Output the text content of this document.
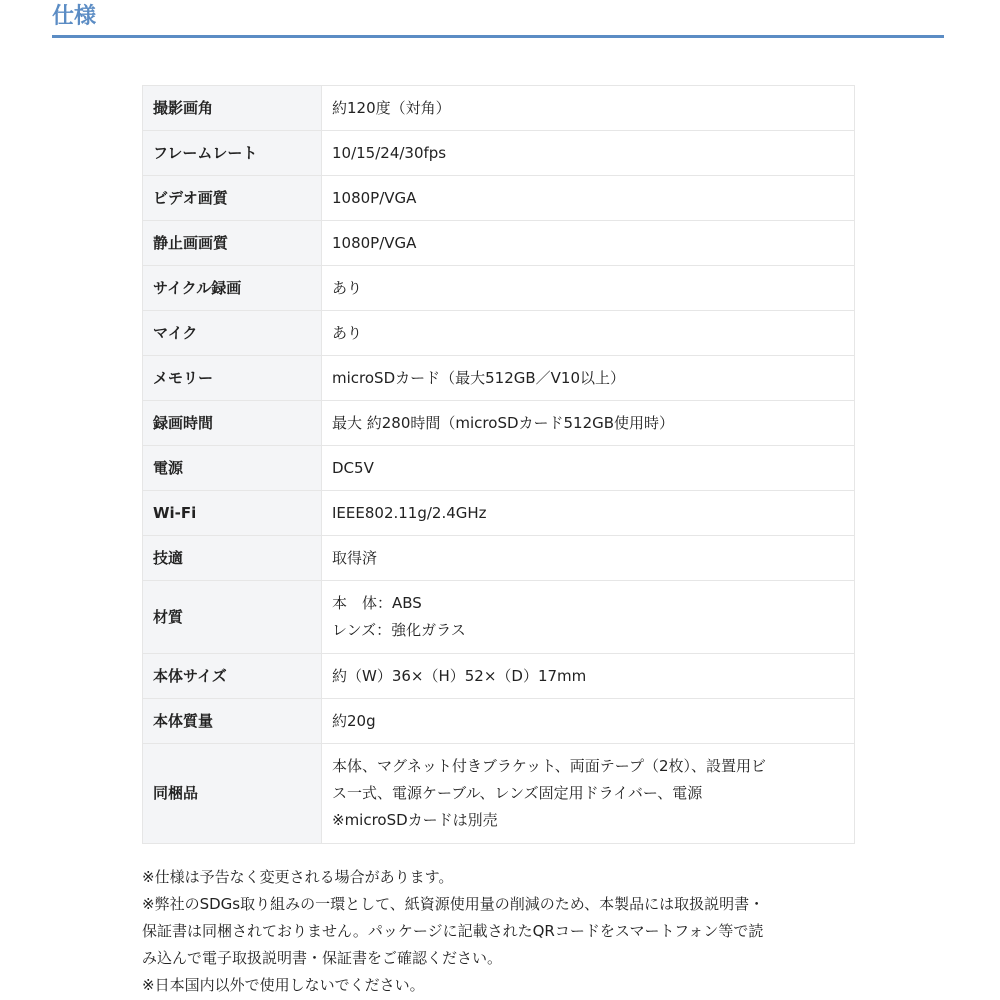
仕様
撮影画角	約120度（対角）

フレームレート	10/15/24/30fps

ビデオ画質	1080P/VGA

静止画画質	1080P/VGA

サイクル録画	あり

マイク	あり

メモリー	microSDカード（最大512GB／V10以上）

録画時間	最大 約280時間（microSDカード512GB使用時）

電源	DC5V

Wi-Fi	IEEE802.11g/2.4GHz

技適	取得済

材質	本　体：ABS
レンズ：強化ガラス

本体サイズ	約（W）36×（H）52×（D）17mm

本体質量	約20g

同梱品	本体、マグネット付きブラケット、両面テープ（2枚）、設置用ビ
ス一式、電源ケーブル、レンズ固定用ドライバー、電源
※microSDカードは別売
※仕様は予告なく変更される場合があります。
※弊社のSDGs取り組みの一環として、紙資源使用量の削減のため、本製品には取扱説明書・
保証書は同梱されておりません。パッケージに記載されたQRコードをスマートフォン等で読
み込んで電子取扱説明書・保証書をご確認ください。
※日本国内以外で使用しないでください。
